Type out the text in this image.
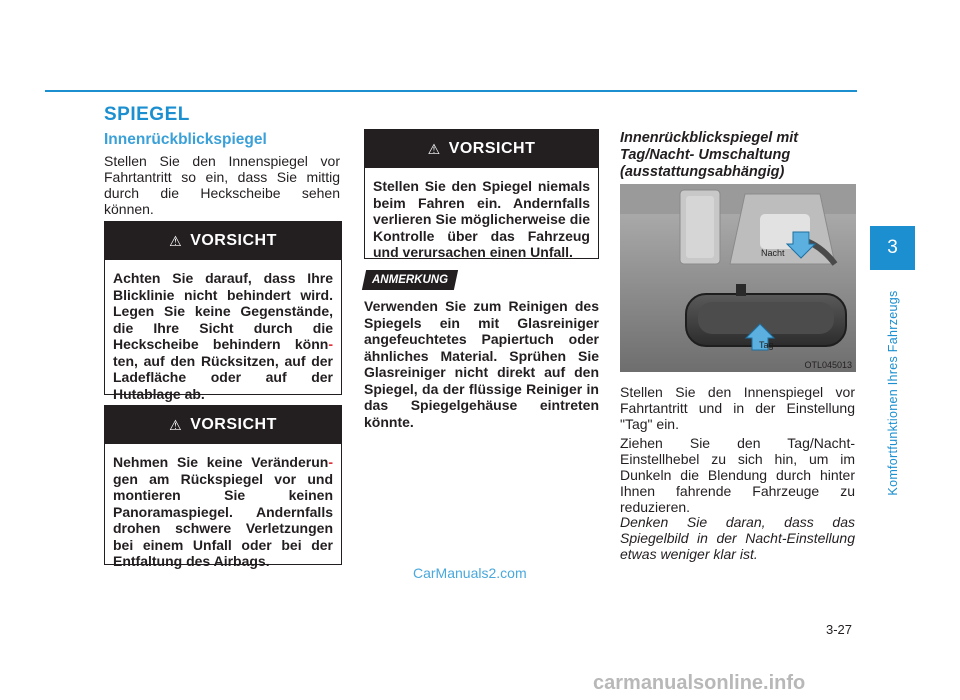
SPIEGEL
Innenrückblickspiegel
Stellen Sie den Innenspiegel vor Fahrtantritt so ein, dass Sie mittig durch die Heckscheibe sehen können.
⚠ VORSICHT
Achten Sie darauf, dass Ihre Blicklinie nicht behindert wird. Legen Sie keine Gegenstände, die Ihre Sicht durch die Heckscheibe behindern könn- ten, auf den Rücksitzen, auf der Ladefläche oder auf der Hutablage ab.
⚠ VORSICHT
Nehmen Sie keine Veränderun-gen am Rückspiegel vor und montieren Sie keinen Panoramaspiegel. Andernfalls drohen schwere Verletzungen bei einem Unfall oder bei der Entfaltung des Airbags.
⚠ VORSICHT
Stellen Sie den Spiegel niemals beim Fahren ein. Andernfalls verlieren Sie möglicherweise die Kontrolle über das Fahrzeug und verursachen einen Unfall.
ANMERKUNG
Verwenden Sie zum Reinigen des Spiegels ein mit Glasreiniger angefeuchtetes Papiertuch oder ähnliches Material. Sprühen Sie Glasreiniger nicht direkt auf den Spiegel, da der flüssige Reiniger in das Spiegelgehäuse eintreten könnte.
Innenrückblickspiegel mit Tag/Nacht- Umschaltung (ausstattungsabhängig)
Nacht
Tag
OTL045013
Stellen Sie den Innenspiegel vor Fahrtantritt und in der Einstellung "Tag" ein.
Ziehen Sie den Tag/Nacht-Einstellhebel zu sich hin, um im Dunkeln die Blendung durch hinter Ihnen fahrende Fahrzeuge zu reduzieren.
Denken Sie daran, dass das Spiegelbild in der Nacht-Einstellung etwas weniger klar ist.
3
Komfortfunktionen Ihres Fahrzeugs
3-27
CarManuals2.com
carmanualsonline.info
